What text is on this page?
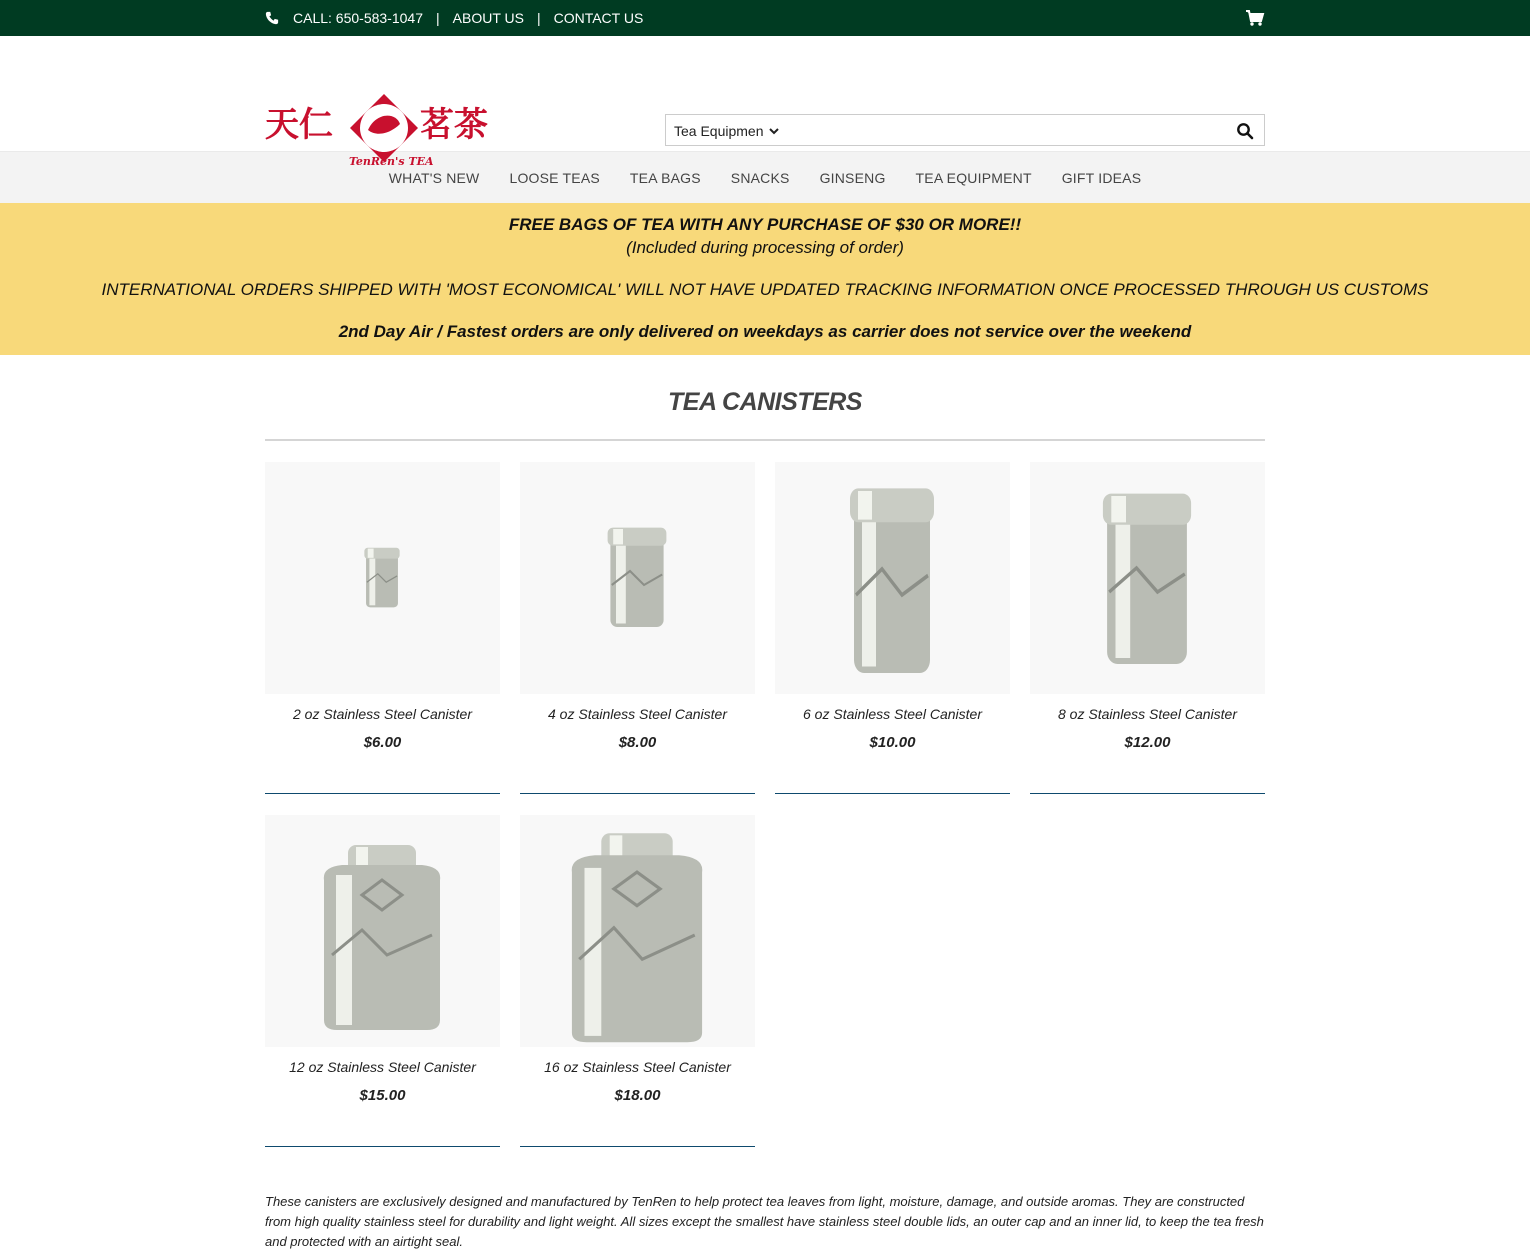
CALL: 650-583-1047 | ABOUT US | CONTACT US
天仁	茗茶
TenRen's TEA
Tea Equipmen
WHAT'S NEW LOOSE TEAS TEA BAGS SNACKS GINSENG TEA EQUIPMENT GIFT IDEAS
FREE BAGS OF TEA WITH ANY PURCHASE OF $30 OR MORE!!
(Included during processing of order)
INTERNATIONAL ORDERS SHIPPED WITH 'MOST ECONOMICAL' WILL NOT HAVE UPDATED TRACKING INFORMATION ONCE PROCESSED THROUGH US CUSTOMS
2nd Day Air / Fastest orders are only delivered on weekdays as carrier does not service over the weekend
TEA CANISTERS
2 oz Stainless Steel Canister
$6.00
4 oz Stainless Steel Canister
$8.00
6 oz Stainless Steel Canister
$10.00
8 oz Stainless Steel Canister
$12.00
12 oz Stainless Steel Canister
$15.00
16 oz Stainless Steel Canister
$18.00
These canisters are exclusively designed and manufactured by TenRen to help protect tea leaves from light, moisture, damage, and outside aromas. They are constructed from high quality stainless steel for durability and light weight. All sizes except the smallest have stainless steel double lids, an outer cap and an inner lid, to keep the tea fresh and protected with an airtight seal.
